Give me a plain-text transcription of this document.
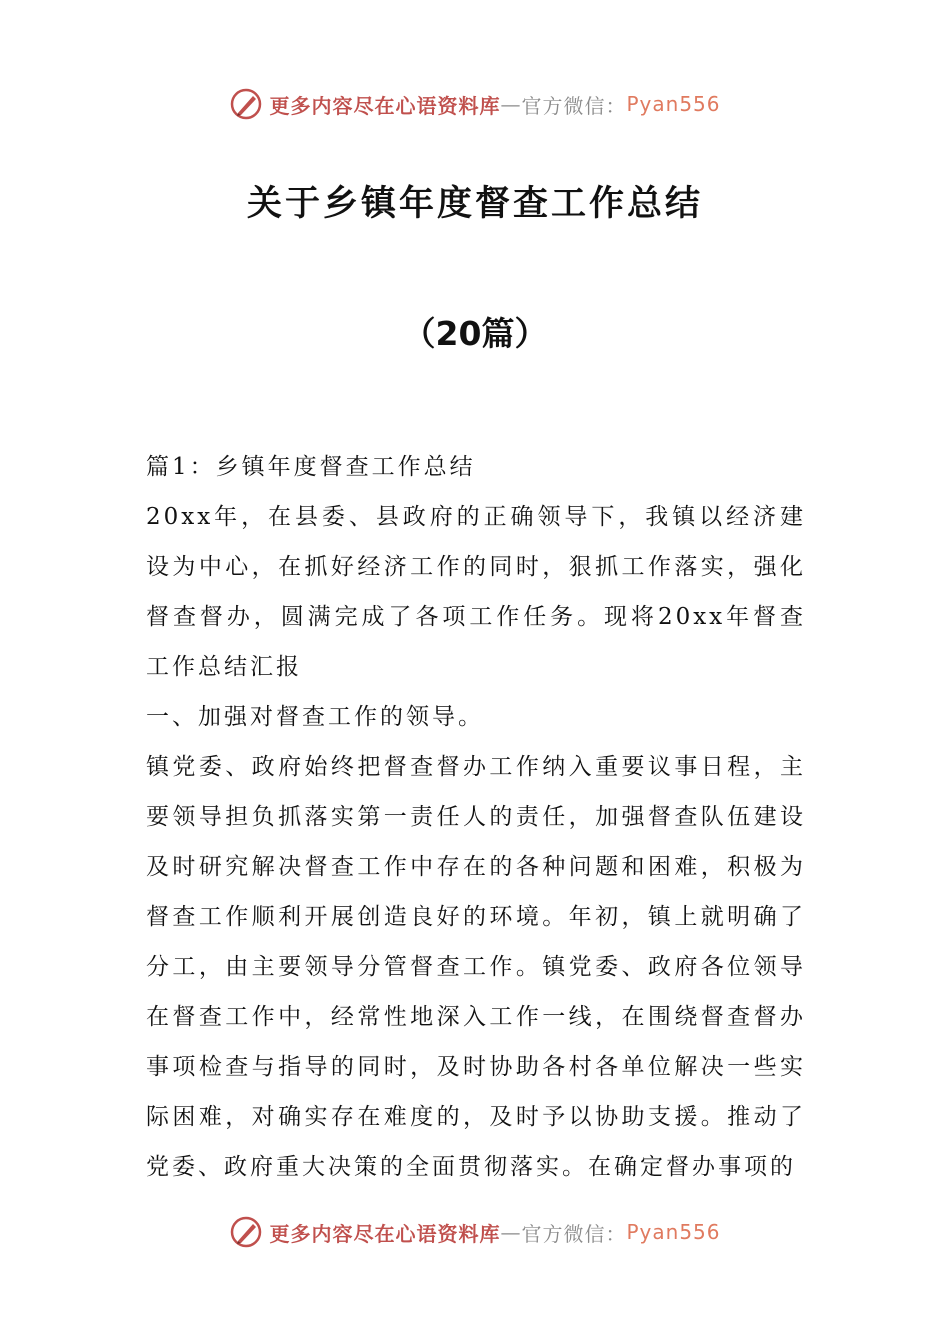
更多内容尽在心语资料库 — 官方微信： Pyan556
关于乡镇年度督查工作总结
（20篇）

篇1：乡镇年度督查工作总结

20xx年，在县委、县政府的正确领导下，我镇以经济建设为中心，在抓好经济工作的同时，狠抓工作落实，强化督查督办，圆满完成了各项工作任务。现将20xx年督查工作总结汇报

一、加强对督查工作的领导。

镇党委、政府始终把督查督办工作纳入重要议事日程，主要领导担负抓落实第一责任人的责任，加强督查队伍建设及时研究解决督查工作中存在的各种问题和困难，积极为督查工作顺利开展创造良好的环境。年初，镇上就明确了分工，由主要领导分管督查工作。镇党委、政府各位领导在督查工作中，经常性地深入工作一线，在围绕督查督办事项检查与指导的同时，及时协助各村各单位解决一些实际困难，对确实存在难度的，及时予以协助支援。推动了党委、政府重大决策的全面贯彻落实。在确定督办事项的

更多内容尽在心语资料库 — 官方微信： Pyan556
